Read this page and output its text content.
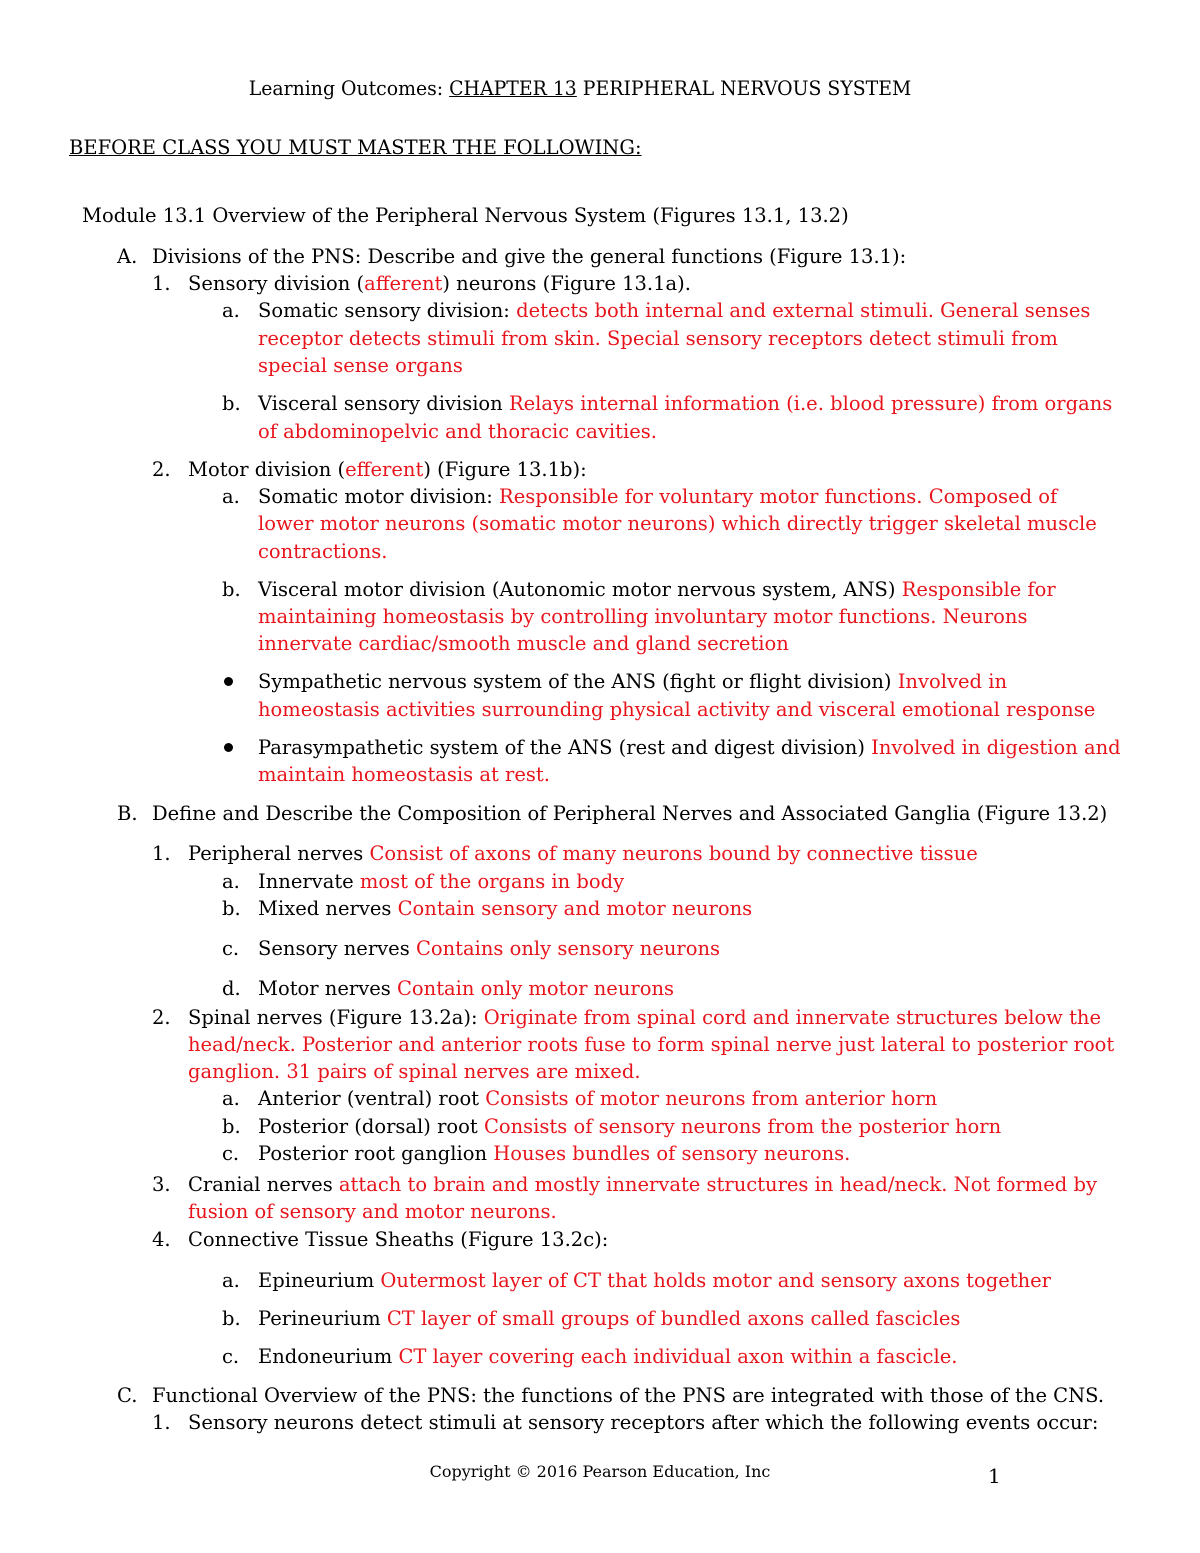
Learning Outcomes: CHAPTER 13 PERIPHERAL NERVOUS SYSTEM
BEFORE CLASS YOU MUST MASTER THE FOLLOWING:
Module 13.1 Overview of the Peripheral Nervous System (Figures 13.1, 13.2)
A. Divisions of the PNS: Describe and give the general functions (Figure 13.1):
1. Sensory division (afferent) neurons (Figure 13.1a).
a. Somatic sensory division: detects both internal and external stimuli. General senses
receptor detects stimuli from skin. Special sensory receptors detect stimuli from
special sense organs
b. Visceral sensory division Relays internal information (i.e. blood pressure) from organs
of abdominopelvic and thoracic cavities.
2. Motor division (efferent) (Figure 13.1b):
a. Somatic motor division: Responsible for voluntary motor functions. Composed of
lower motor neurons (somatic motor neurons) which directly trigger skeletal muscle
contractions.
b. Visceral motor division (Autonomic motor nervous system, ANS) Responsible for
maintaining homeostasis by controlling involuntary motor functions. Neurons
innervate cardiac/smooth muscle and gland secretion
Sympathetic nervous system of the ANS (fight or flight division) Involved in
homeostasis activities surrounding physical activity and visceral emotional response
Parasympathetic system of the ANS (rest and digest division) Involved in digestion and
maintain homeostasis at rest.
B. Define and Describe the Composition of Peripheral Nerves and Associated Ganglia (Figure 13.2)
1. Peripheral nerves Consist of axons of many neurons bound by connective tissue
a. Innervate most of the organs in body
b. Mixed nerves Contain sensory and motor neurons
c. Sensory nerves Contains only sensory neurons
d. Motor nerves Contain only motor neurons
2. Spinal nerves (Figure 13.2a): Originate from spinal cord and innervate structures below the
head/neck. Posterior and anterior roots fuse to form spinal nerve just lateral to posterior root
ganglion. 31 pairs of spinal nerves are mixed.
a. Anterior (ventral) root Consists of motor neurons from anterior horn
b. Posterior (dorsal) root Consists of sensory neurons from the posterior horn
c. Posterior root ganglion Houses bundles of sensory neurons.
3. Cranial nerves attach to brain and mostly innervate structures in head/neck. Not formed by
fusion of sensory and motor neurons.
4. Connective Tissue Sheaths (Figure 13.2c):
a. Epineurium Outermost layer of CT that holds motor and sensory axons together
b. Perineurium CT layer of small groups of bundled axons called fascicles
c. Endoneurium CT layer covering each individual axon within a fascicle.
C. Functional Overview of the PNS: the functions of the PNS are integrated with those of the CNS.
1. Sensory neurons detect stimuli at sensory receptors after which the following events occur:
Copyright © 2016 Pearson Education, Inc	1
